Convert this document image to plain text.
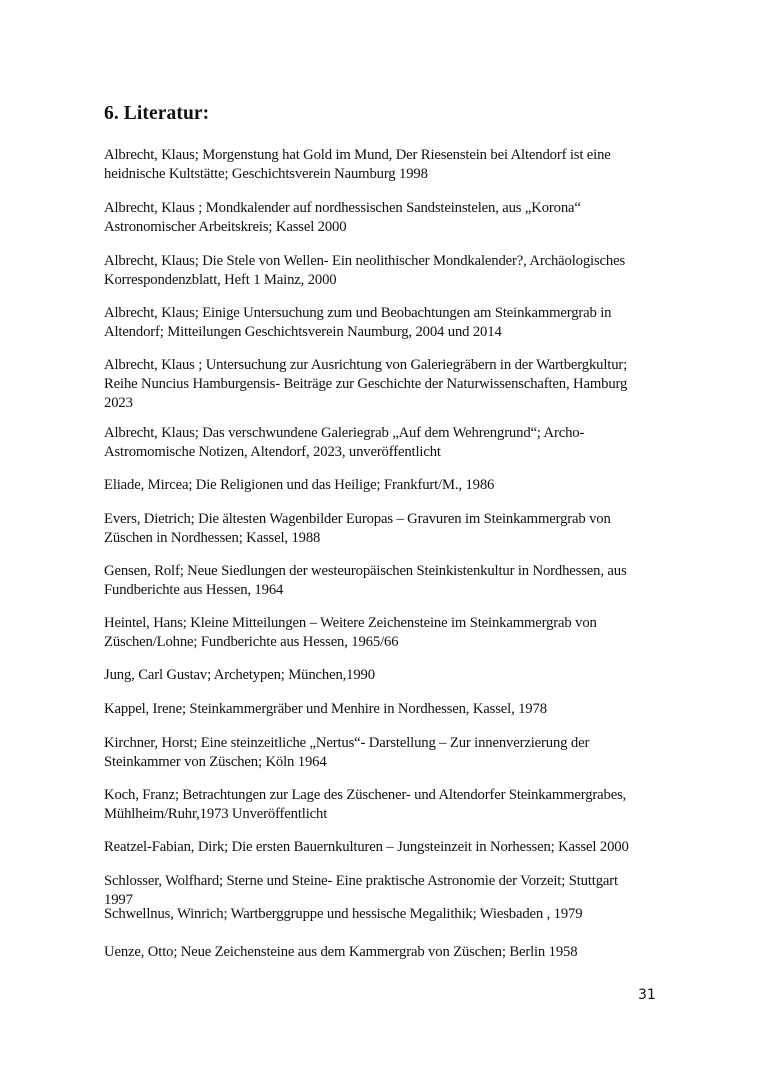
6. Literatur:
Albrecht, Klaus; Morgenstung hat Gold im Mund, Der Riesenstein bei Altendorf ist eine
heidnische Kultstätte; Geschichtsverein Naumburg 1998
Albrecht, Klaus ; Mondkalender auf nordhessischen Sandsteinstelen, aus „Korona“
Astronomischer Arbeitskreis; Kassel 2000
Albrecht, Klaus; Die Stele von Wellen- Ein neolithischer Mondkalender?, Archäologisches
Korrespondenzblatt, Heft 1 Mainz, 2000
Albrecht, Klaus; Einige Untersuchung zum und Beobachtungen am Steinkammergrab in
Altendorf; Mitteilungen Geschichtsverein Naumburg, 2004 und 2014
Albrecht, Klaus ; Untersuchung zur Ausrichtung von Galeriegräbern in der Wartbergkultur;
Reihe Nuncius Hamburgensis- Beiträge zur Geschichte der Naturwissenschaften, Hamburg
2023
Albrecht, Klaus; Das verschwundene Galeriegrab „Auf dem Wehrengrund“; Archo-
Astromomische Notizen, Altendorf, 2023, unveröffentlicht
Eliade, Mircea; Die Religionen und das Heilige; Frankfurt/M., 1986
Evers, Dietrich; Die ältesten Wagenbilder Europas – Gravuren im Steinkammergrab von
Züschen in Nordhessen; Kassel, 1988
Gensen, Rolf; Neue Siedlungen der westeuropäischen Steinkistenkultur in Nordhessen, aus
Fundberichte aus Hessen, 1964
Heintel, Hans; Kleine Mitteilungen – Weitere Zeichensteine im Steinkammergrab von
Züschen/Lohne; Fundberichte aus Hessen, 1965/66
Jung, Carl Gustav; Archetypen; München,1990
Kappel, Irene; Steinkammergräber und Menhire in Nordhessen, Kassel, 1978
Kirchner, Horst; Eine steinzeitliche „Nertus“- Darstellung – Zur innenverzierung der
Steinkammer von Züschen; Köln 1964
Koch, Franz; Betrachtungen zur Lage des Züschener- und Altendorfer Steinkammergrabes,
Mühlheim/Ruhr,1973 Unveröffentlicht
Reatzel-Fabian, Dirk; Die ersten Bauernkulturen – Jungsteinzeit in Norhessen; Kassel 2000
Schlosser, Wolfhard; Sterne und Steine- Eine praktische Astronomie der Vorzeit; Stuttgart
1997
Schwellnus, Winrich; Wartberggruppe und hessische Megalithik; Wiesbaden , 1979
Uenze, Otto; Neue Zeichensteine aus dem Kammergrab von Züschen; Berlin 1958
31
